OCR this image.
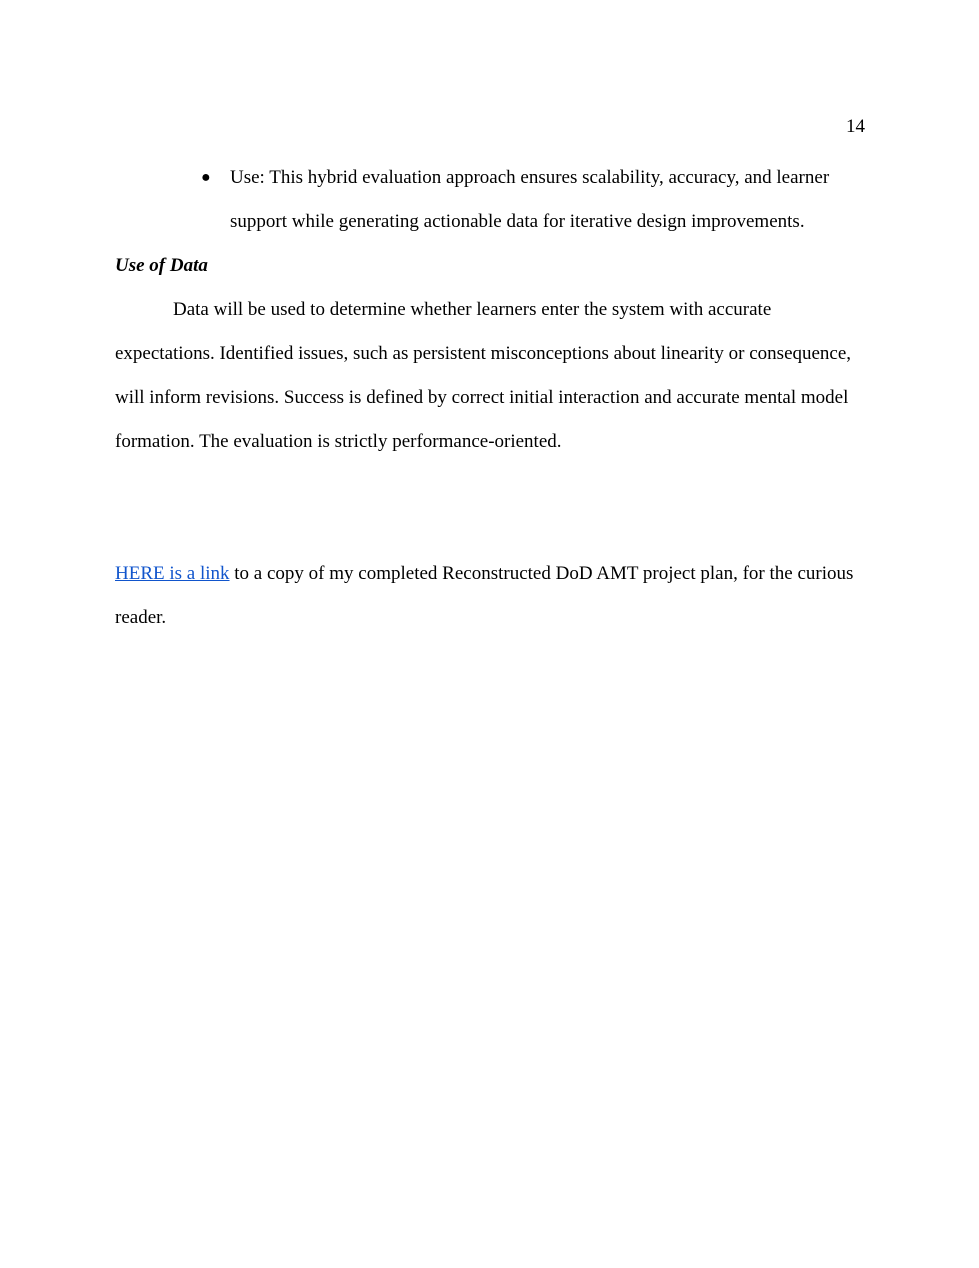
14
● Use: This hybrid evaluation approach ensures scalability, accuracy, and learner support while generating actionable data for iterative design improvements.

Use of Data

Data will be used to determine whether learners enter the system with accurate expectations. Identified issues, such as persistent misconceptions about linearity or consequence, will inform revisions. Success is defined by correct initial interaction and accurate mental model formation. The evaluation is strictly performance-oriented.

HERE is a link to a copy of my completed Reconstructed DoD AMT project plan, for the curious reader.
